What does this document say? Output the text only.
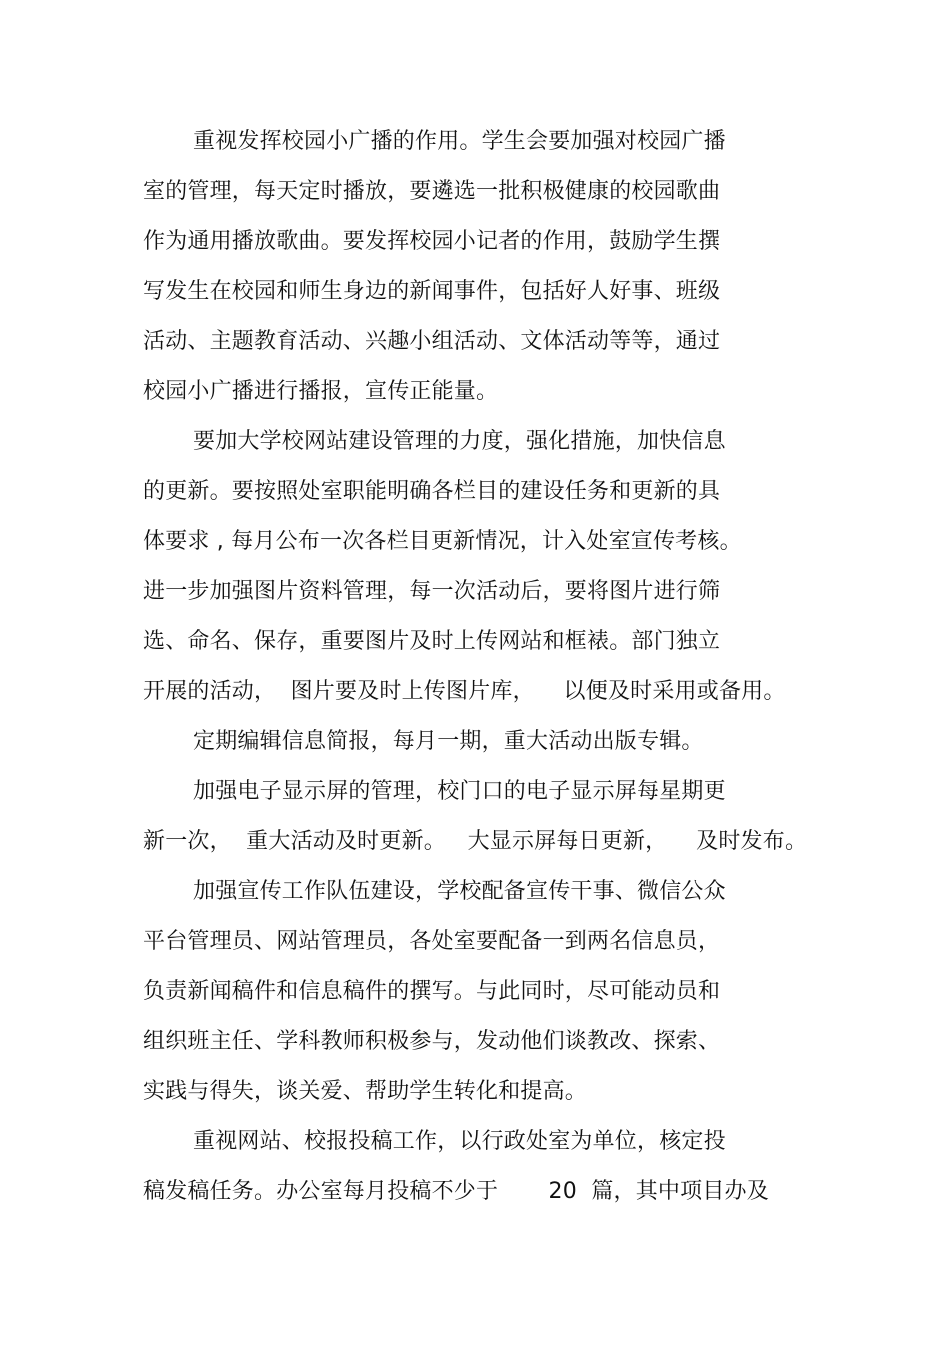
重视发挥校园小广播的作用。学生会要加强对校园广播
室的管理，每天定时播放，要遴选一批积极健康的校园歌曲
作为通用播放歌曲。要发挥校园小记者的作用，鼓励学生撰
写发生在校园和师生身边的新闻事件，包括好人好事、班级
活动、主题教育活动、兴趣小组活动、文体活动等等，通过
校园小广播进行播报，宣传正能量。
要加大学校网站建设管理的力度，强化措施，加快信息
的更新。要按照处室职能明确各栏目的建设任务和更新的具
体要求 , 每月公布一次各栏目更新情况，计入处室宣传考核。
进一步加强图片资料管理，每一次活动后，要将图片进行筛
选、命名、保存，重要图片及时上传网站和框裱。部门独立
开展的活动，  图片要及时上传图片库，    以便及时采用或备用。
定期编辑信息简报，每月一期，重大活动出版专辑。
加强电子显示屏的管理，校门口的电子显示屏每星期更
新一次，  重大活动及时更新。   大显示屏每日更新，    及时发布。
加强宣传工作队伍建设，学校配备宣传干事、微信公众
平台管理员、网站管理员，各处室要配备一到两名信息员，
负责新闻稿件和信息稿件的撰写。与此同时，尽可能动员和
组织班主任、学科教师积极参与，发动他们谈教改、探索、
实践与得失，谈关爱、帮助学生转化和提高。
重视网站、校报投稿工作，以行政处室为单位，核定投
稿发稿任务。办公室每月投稿不少于       20  篇，其中项目办及
